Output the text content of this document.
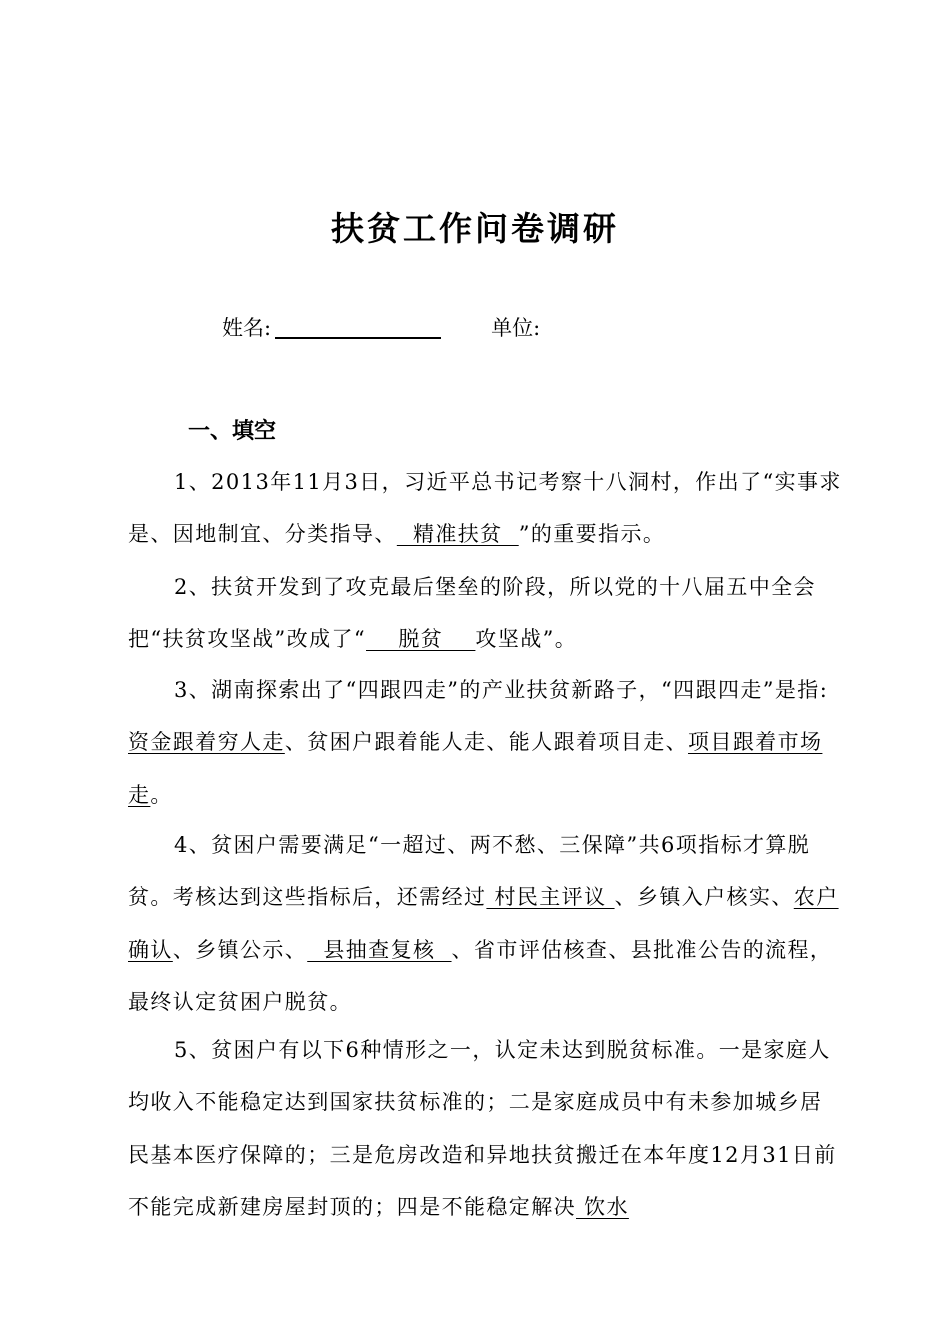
扶贫工作问卷调研
姓名:	单位:
一、填空

1、2013年11月3日，习近平总书记考察十八洞村，作出了“实事求是、因地制宜、分类指导、  精准扶贫  ”的重要指示。

2、扶贫开发到了攻克最后堡垒的阶段，所以党的十八届五中全会把“扶贫攻坚战”改成了“    脱贫    攻坚战”。

3、湖南探索出了“四跟四走”的产业扶贫新路子，“四跟四走”是指:资金跟着穷人走、贫困户跟着能人走、能人跟着项目走、项目跟着市场走。

4、贫困户需要满足“一超过、两不愁、三保障”共6项指标才算脱贫。考核达到这些指标后，还需经过 村民主评议 、乡镇入户核实、农户确认、乡镇公示、  县抽查复核  、省市评估核查、县批准公告的流程，最终认定贫困户脱贫。

5、贫困户有以下6种情形之一，认定未达到脱贫标准。一是家庭人均收入不能稳定达到国家扶贫标准的；二是家庭成员中有未参加城乡居民基本医疗保障的；三是危房改造和异地扶贫搬迁在本年度12月31日前不能完成新建房屋封顶的；四是不能稳定解决 饮水
